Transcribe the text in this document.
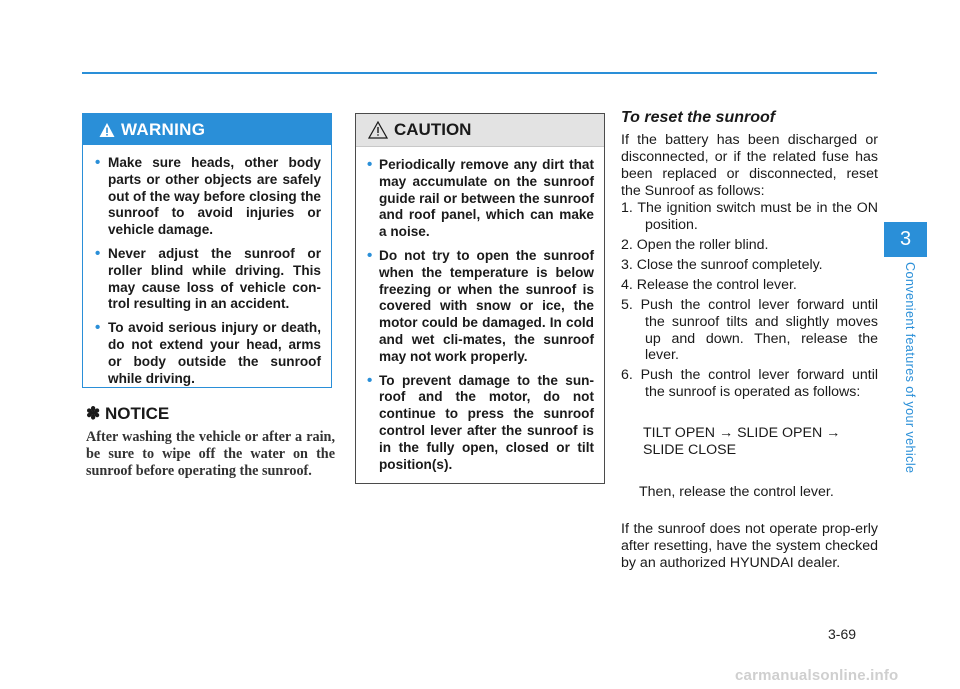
WARNING
• Make sure heads, other body parts or other objects are safely out of the way before closing the sunroof to avoid injuries or vehicle damage.
• Never adjust the sunroof or roller blind while driving. This may cause loss of vehicle con-trol resulting in an accident.
• To avoid serious injury or death, do not extend your head, arms or body outside the sunroof while driving.
✽ NOTICE
After washing the vehicle or after a rain, be sure to wipe off the water on the sunroof before operating the sunroof.
CAUTION
• Periodically remove any dirt that may accumulate on the sunroof guide rail or between the sunroof and roof panel, which can make a noise.
• Do not try to open the sunroof when the temperature is below freezing or when the sunroof is covered with snow or ice, the motor could be damaged. In cold and wet cli-mates, the sunroof may not work properly.
• To prevent damage to the sun-roof and the motor, do not continue to press the sunroof control lever after the sunroof is in the fully open, closed or tilt position(s).
To reset the sunroof
If the battery has been discharged or disconnected, or if the related fuse has been replaced or disconnected, reset the Sunroof as follows:
1. The ignition switch must be in the ON position.
2. Open the roller blind.
3. Close the sunroof completely.
4. Release the control lever.
5. Push the control lever forward until the sunroof tilts and slightly moves up and down. Then, release the lever.
6. Push the control lever forward until the sunroof is operated as follows:
TILT OPEN → SLIDE OPEN → SLIDE CLOSE
Then, release the control lever.
If the sunroof does not operate prop-erly after resetting, have the system checked by an authorized HYUNDAI dealer.
3
Convenient features of your vehicle
3-69
carmanualsonline.info
